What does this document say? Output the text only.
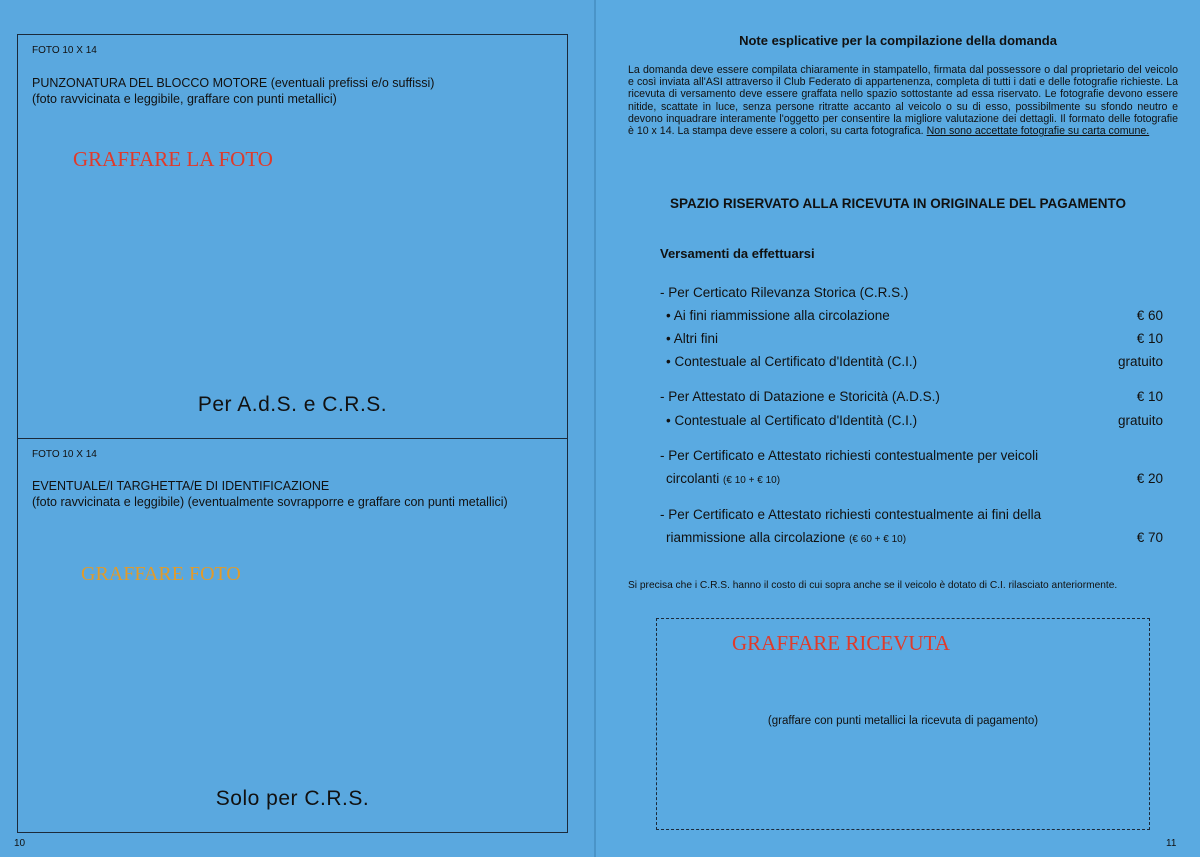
FOTO 10 X 14
PUNZONATURA DEL BLOCCO MOTORE (eventuali prefissi e/o suffissi)
(foto ravvicinata e leggibile, graffare con punti metallici)
GRAFFARE LA FOTO
Per A.d.S. e C.R.S.
FOTO 10 X 14
EVENTUALE/I TARGHETTA/E DI IDENTIFICAZIONE
(foto ravvicinata e leggibile) (eventualmente sovrapporre e graffare con punti metallici)
GRAFFARE FOTO
Solo per C.R.S.
10
Note esplicative per la compilazione della domanda
La domanda deve essere compilata chiaramente in stampatello, firmata dal possessore o dal proprietario del veicolo e così inviata all'ASI attraverso il Club Federato di appartenenza, completa di tutti i dati e delle fotografie richieste. La ricevuta di versamento deve essere graffata nello spazio sottostante ad essa riservato. Le fotografie devono essere nitide, scattate in luce, senza persone ritratte accanto al veicolo o su di esso, possibilmente su sfondo neutro e devono inquadrare interamente l'oggetto per consentire la migliore valutazione dei dettagli. Il formato delle fotografie è 10 x 14. La stampa deve essere a colori, su carta fotografica. Non sono accettate fotografie su carta comune.
SPAZIO RISERVATO ALLA RICEVUTA IN ORIGINALE DEL PAGAMENTO
Versamenti da effettuarsi
- Per Certicato Rilevanza Storica (C.R.S.)
• Ai fini riammissione alla circolazione	€ 60
• Altri fini	€ 10
• Contestuale al Certificato d'Identità (C.I.)	gratuito
- Per Attestato di Datazione e Storicità (A.D.S.)	€ 10
• Contestuale al Certificato d'Identità (C.I.)	gratuito
- Per Certificato e Attestato richiesti contestualmente per veicoli
circolanti (€ 10 + € 10)	€ 20
- Per Certificato e Attestato richiesti contestualmente ai fini della
riammissione alla circolazione (€ 60 + € 10)	€ 70
Si precisa che i C.R.S. hanno il costo di cui sopra anche se il veicolo è dotato di C.I. rilasciato anteriormente.
GRAFFARE RICEVUTA
(graffare con punti metallici la ricevuta di pagamento)
11
